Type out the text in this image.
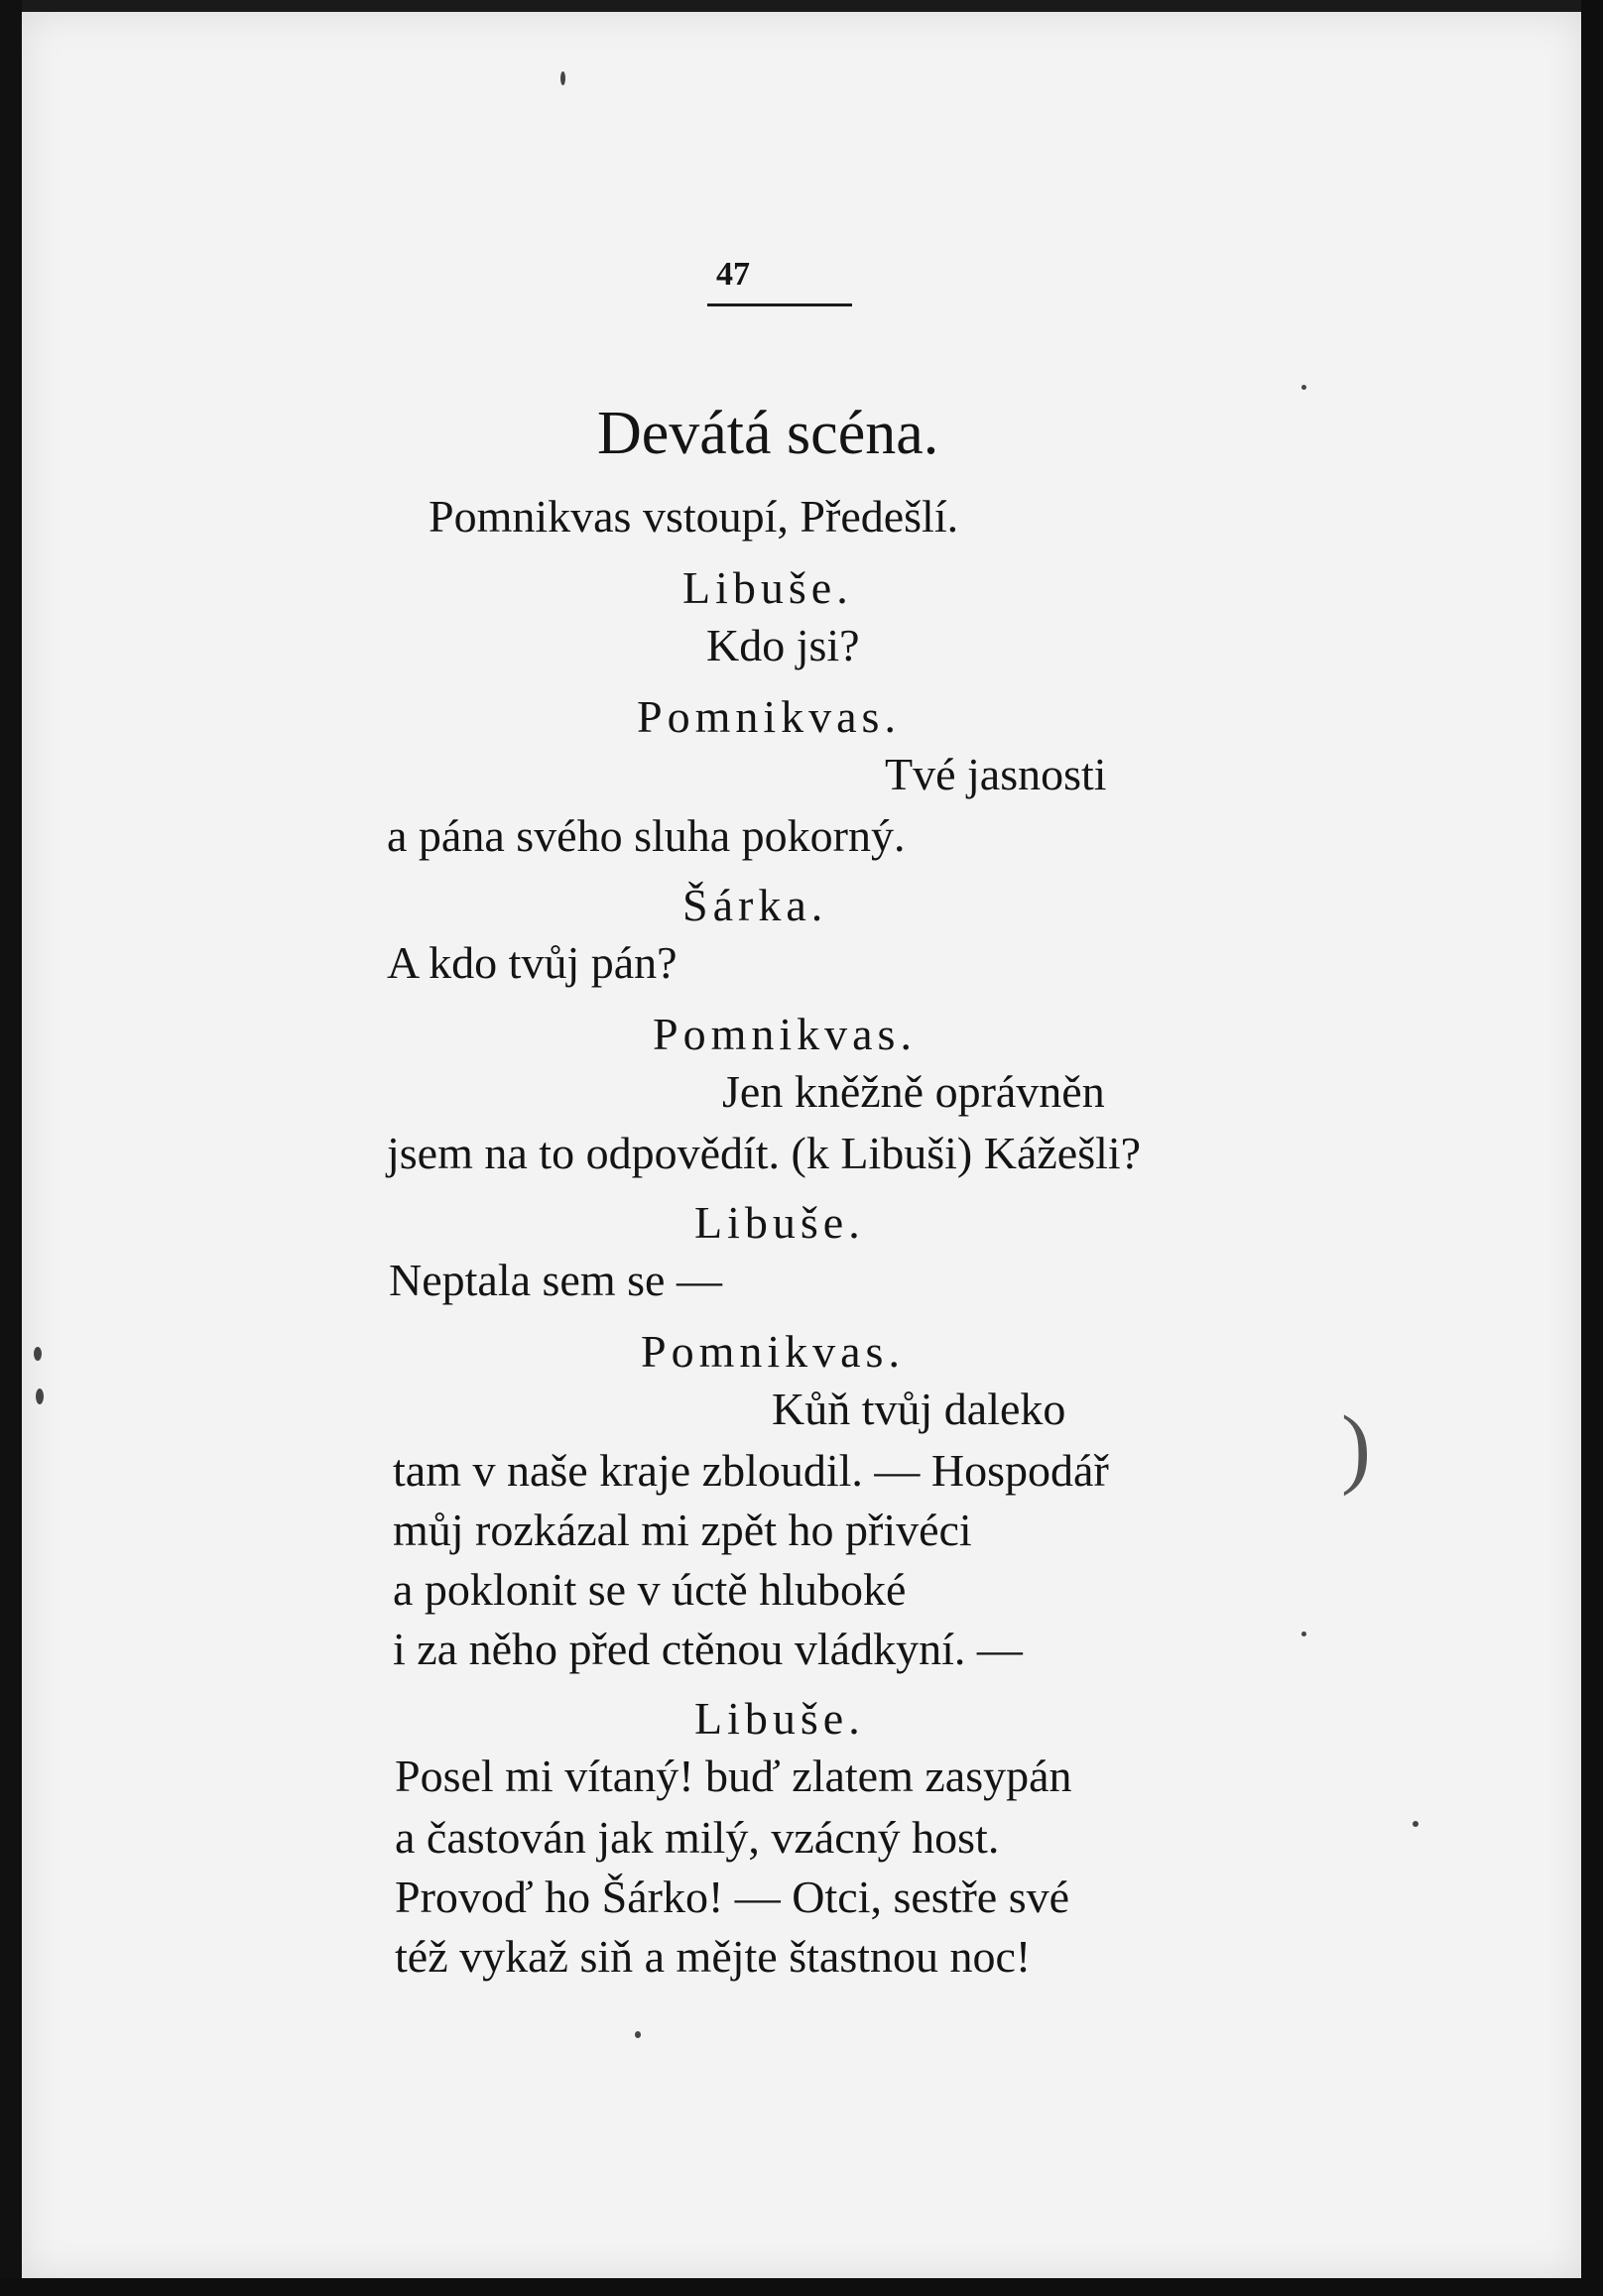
47
Devátá scéna.
Pomnikvas vstoupí, Předešlí.
Libuše.
Kdo jsi?
Pomnikvas.
Tvé jasnosti
a pána svého sluha pokorný.
Šárka.
A kdo tvůj pán?
Pomnikvas.
Jen kněžně oprávněn
jsem na to odpovědít. (k Libuši) Kážešli?
Libuše.
Neptala sem se —
Pomnikvas.
Kůň tvůj daleko
tam v naše kraje zbloudil. — Hospodář
můj rozkázal mi zpět ho přivéci
a poklonit se v úctě hluboké
i za něho před ctěnou vládkyní. —
Libuše.
Posel mi vítaný! buď zlatem zasypán
a častován jak milý, vzácný host.
Provoď ho Šárko! — Otci, sestře své
též vykaž siň a mějte štastnou noc!
)
